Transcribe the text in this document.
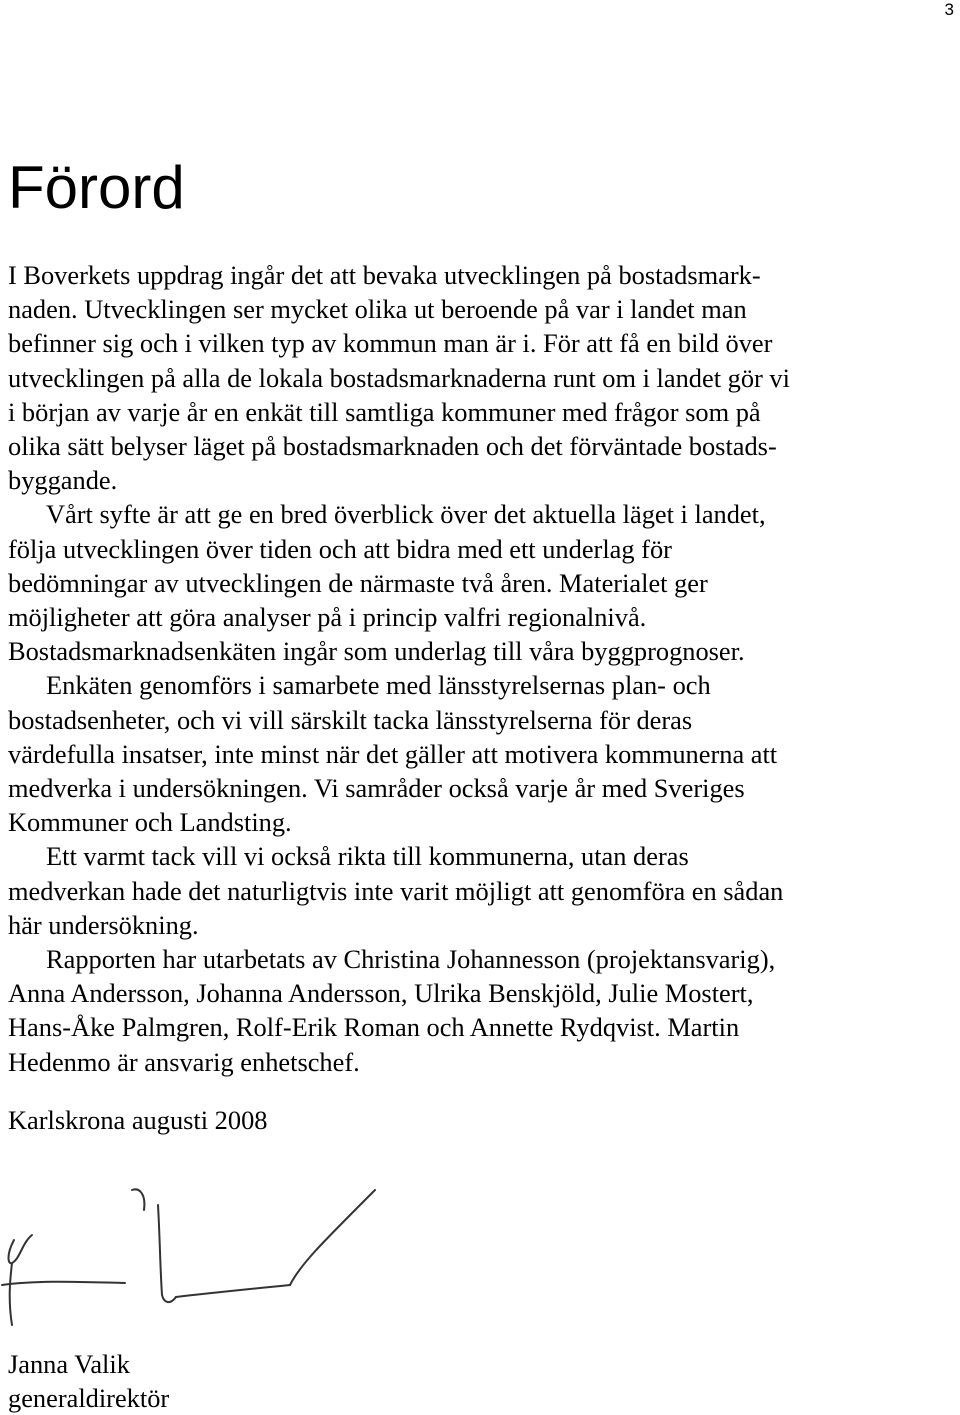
3
Förord
I Boverkets uppdrag ingår det att bevaka utvecklingen på bostadsmark-
naden. Utvecklingen ser mycket olika ut beroende på var i landet man
befinner sig och i vilken typ av kommun man är i. För att få en bild över
utvecklingen på alla de lokala bostadsmarknaderna runt om i landet gör vi
i början av varje år en enkät till samtliga kommuner med frågor som på
olika sätt belyser läget på bostadsmarknaden och det förväntade bostads-
byggande.
Vårt syfte är att ge en bred överblick över det aktuella läget i landet,
följa utvecklingen över tiden och att bidra med ett underlag för
bedömningar av utvecklingen de närmaste två åren. Materialet ger
möjligheter att göra analyser på i princip valfri regionalnivå.
Bostadsmarknadsenkäten ingår som underlag till våra byggprognoser.
Enkäten genomförs i samarbete med länsstyrelsernas plan- och
bostadsenheter, och vi vill särskilt tacka länsstyrelserna för deras
värdefulla insatser, inte minst när det gäller att motivera kommunerna att
medverka i undersökningen. Vi samråder också varje år med Sveriges
Kommuner och Landsting.
Ett varmt tack vill vi också rikta till kommunerna, utan deras
medverkan hade det naturligtvis inte varit möjligt att genomföra en sådan
här undersökning.
Rapporten har utarbetats av Christina Johannesson (projektansvarig),
Anna Andersson, Johanna Andersson, Ulrika Benskjöld, Julie Mostert,
Hans-Åke Palmgren, Rolf-Erik Roman och Annette Rydqvist. Martin
Hedenmo är ansvarig enhetschef.
Karlskrona augusti 2008
Janna Valik
generaldirektör
